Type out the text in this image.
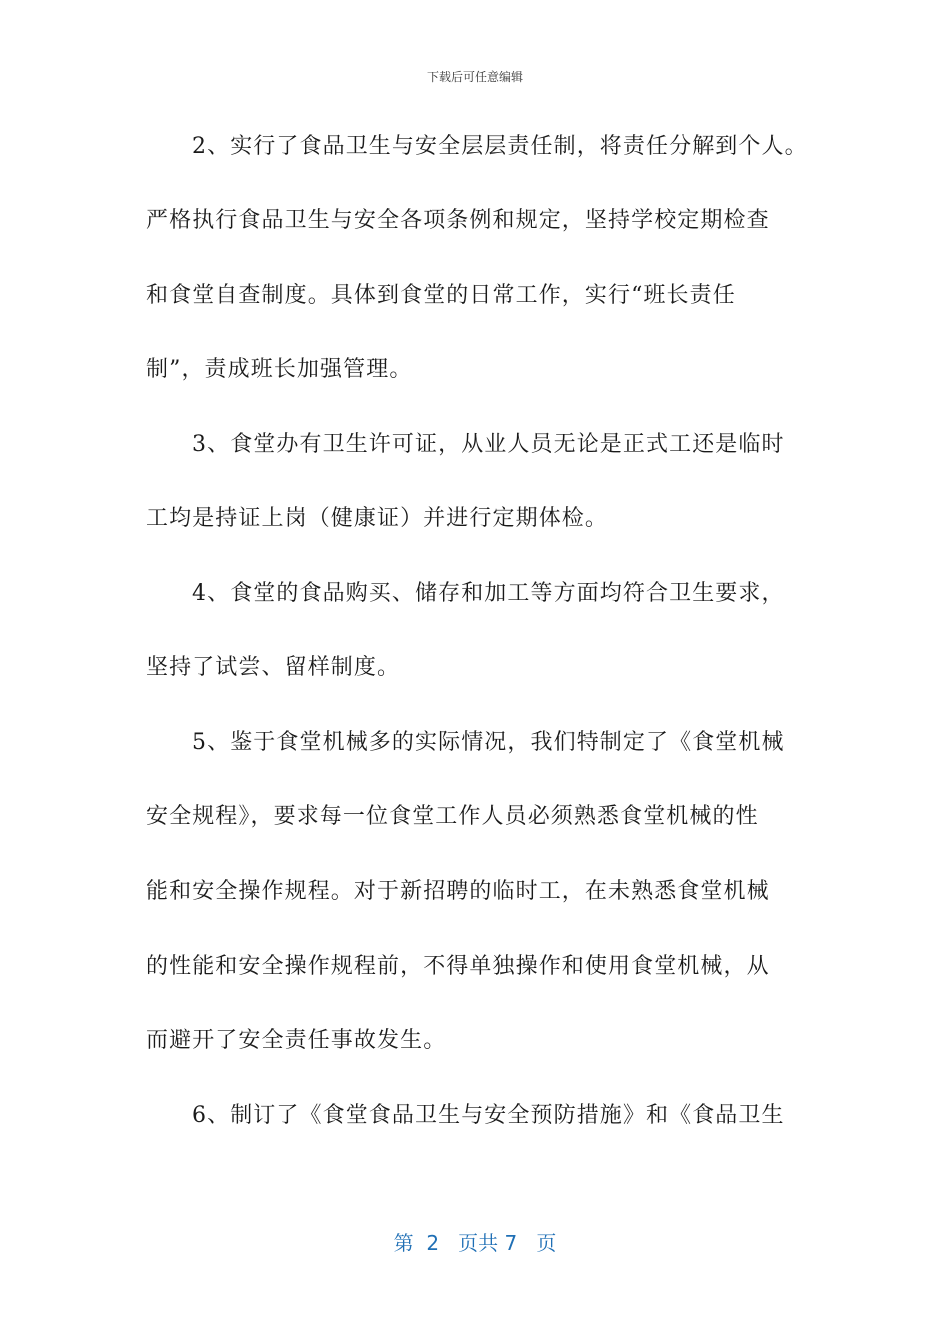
下载后可任意编辑
2、实行了食品卫生与安全层层责任制，将责任分解到个人。
严格执行食品卫生与安全各项条例和规定，坚持学校定期检查
和食堂自查制度。具体到食堂的日常工作，实行“班长责任
制”，责成班长加强管理。
3、食堂办有卫生许可证，从业人员无论是正式工还是临时
工均是持证上岗（健康证）并进行定期体检。
4、食堂的食品购买、储存和加工等方面均符合卫生要求，
坚持了试尝、留样制度。
5、鉴于食堂机械多的实际情况，我们特制定了《食堂机械
安全规程》，要求每一位食堂工作人员必须熟悉食堂机械的性
能和安全操作规程。对于新招聘的临时工，在未熟悉食堂机械
的性能和安全操作规程前，不得单独操作和使用食堂机械，从
而避开了安全责任事故发生。
6、制订了《食堂食品卫生与安全预防措施》和《食品卫生
第  2   页共 7   页
